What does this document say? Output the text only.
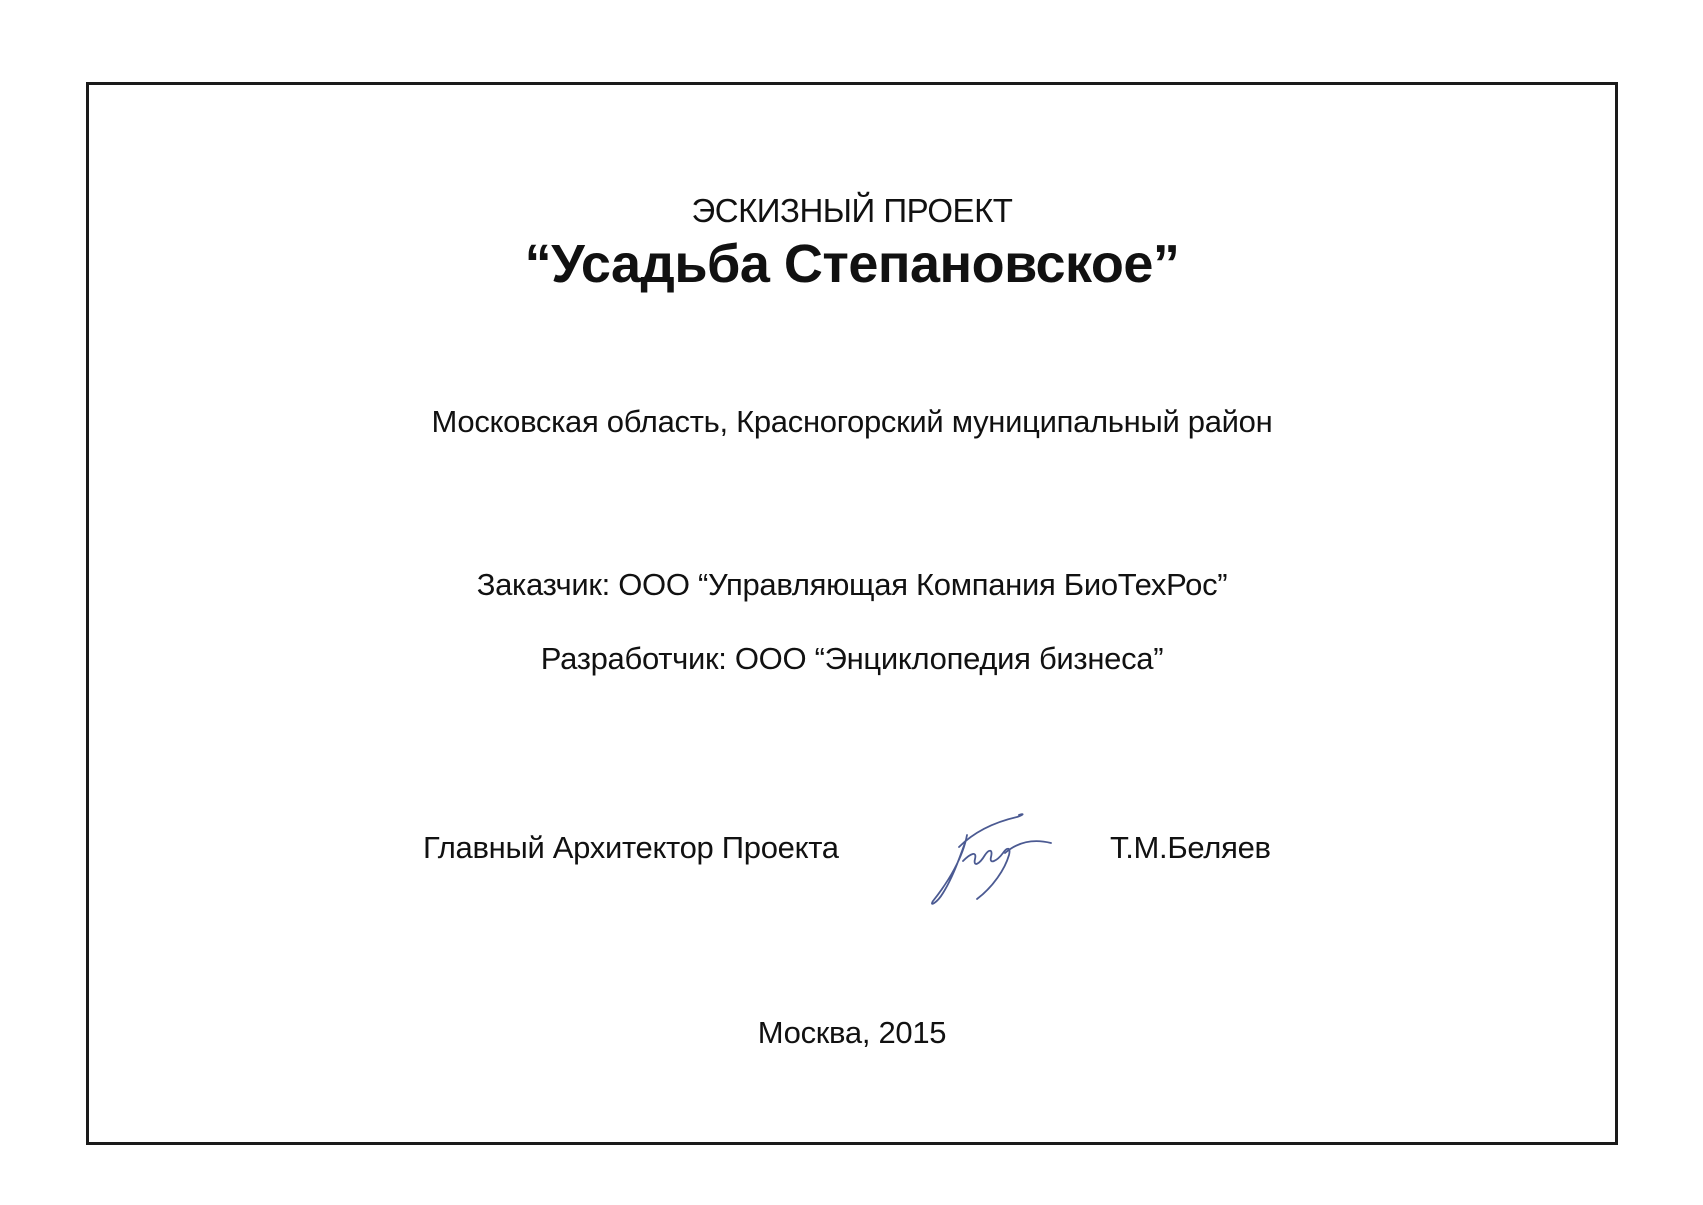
ЭСКИЗНЫЙ ПРОЕКТ
“Усадьба Степановское”
Московская область, Красногорский муниципальный район
Заказчик: ООО “Управляющая Компания БиоТехРос”
Разработчик: ООО “Энциклопедия бизнеса”
Главный Архитектор Проекта	Т.М.Беляев
Москва, 2015
